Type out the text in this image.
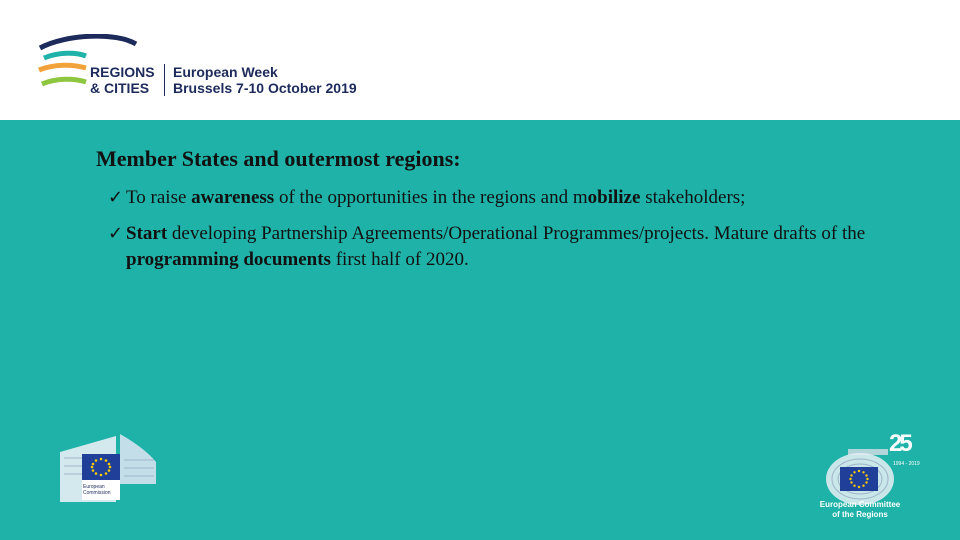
REGIONS
& CITIES
European Week
Brussels 7-10 October 2019
Member States and outermost regions:
✓ To raise awareness of the opportunities in the regions and mobilize stakeholders;
✓ Start developing Partnership Agreements/Operational Programmes/projects. Mature drafts of the programming documents first half of 2020.
European
Commission
25
1994 - 2019
European Committee
of the Regions
